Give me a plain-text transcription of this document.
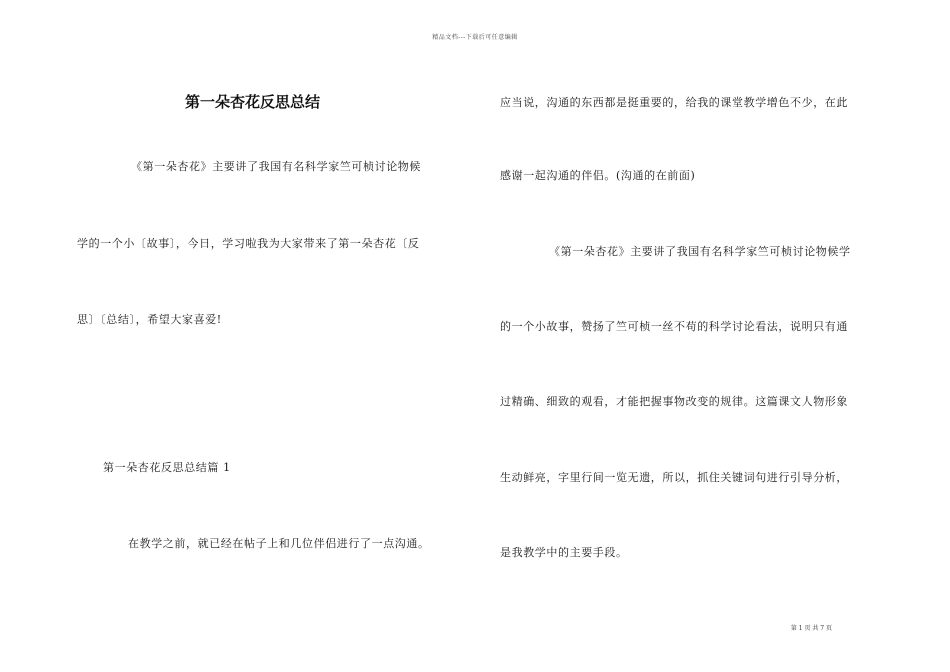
精品文档---下载后可任意编辑
第一朵杏花反思总结
《第一朵杏花》主要讲了我国有名科学家竺可桢讨论物候
学的一个小〔故事〕，今日，学习啦我为大家带来了第一朵杏花〔反
思〕〔总结〕，希望大家喜爱!
第一朵杏花反思总结篇 1
在教学之前，就已经在帖子上和几位伴侣进行了一点沟通。
应当说，沟通的东西都是挺重要的，给我的课堂教学增色不少，在此
感谢一起沟通的伴侣。(沟通的在前面)
《第一朵杏花》主要讲了我国有名科学家竺可桢讨论物候学
的一个小故事，赞扬了竺可桢一丝不苟的科学讨论看法，说明只有通
过精确、细致的观看，才能把握事物改变的规律。这篇课文人物形象
生动鲜亮，字里行间一览无遗，所以，抓住关键词句进行引导分析，
是我教学中的主要手段。
第 1 页 共 7 页
